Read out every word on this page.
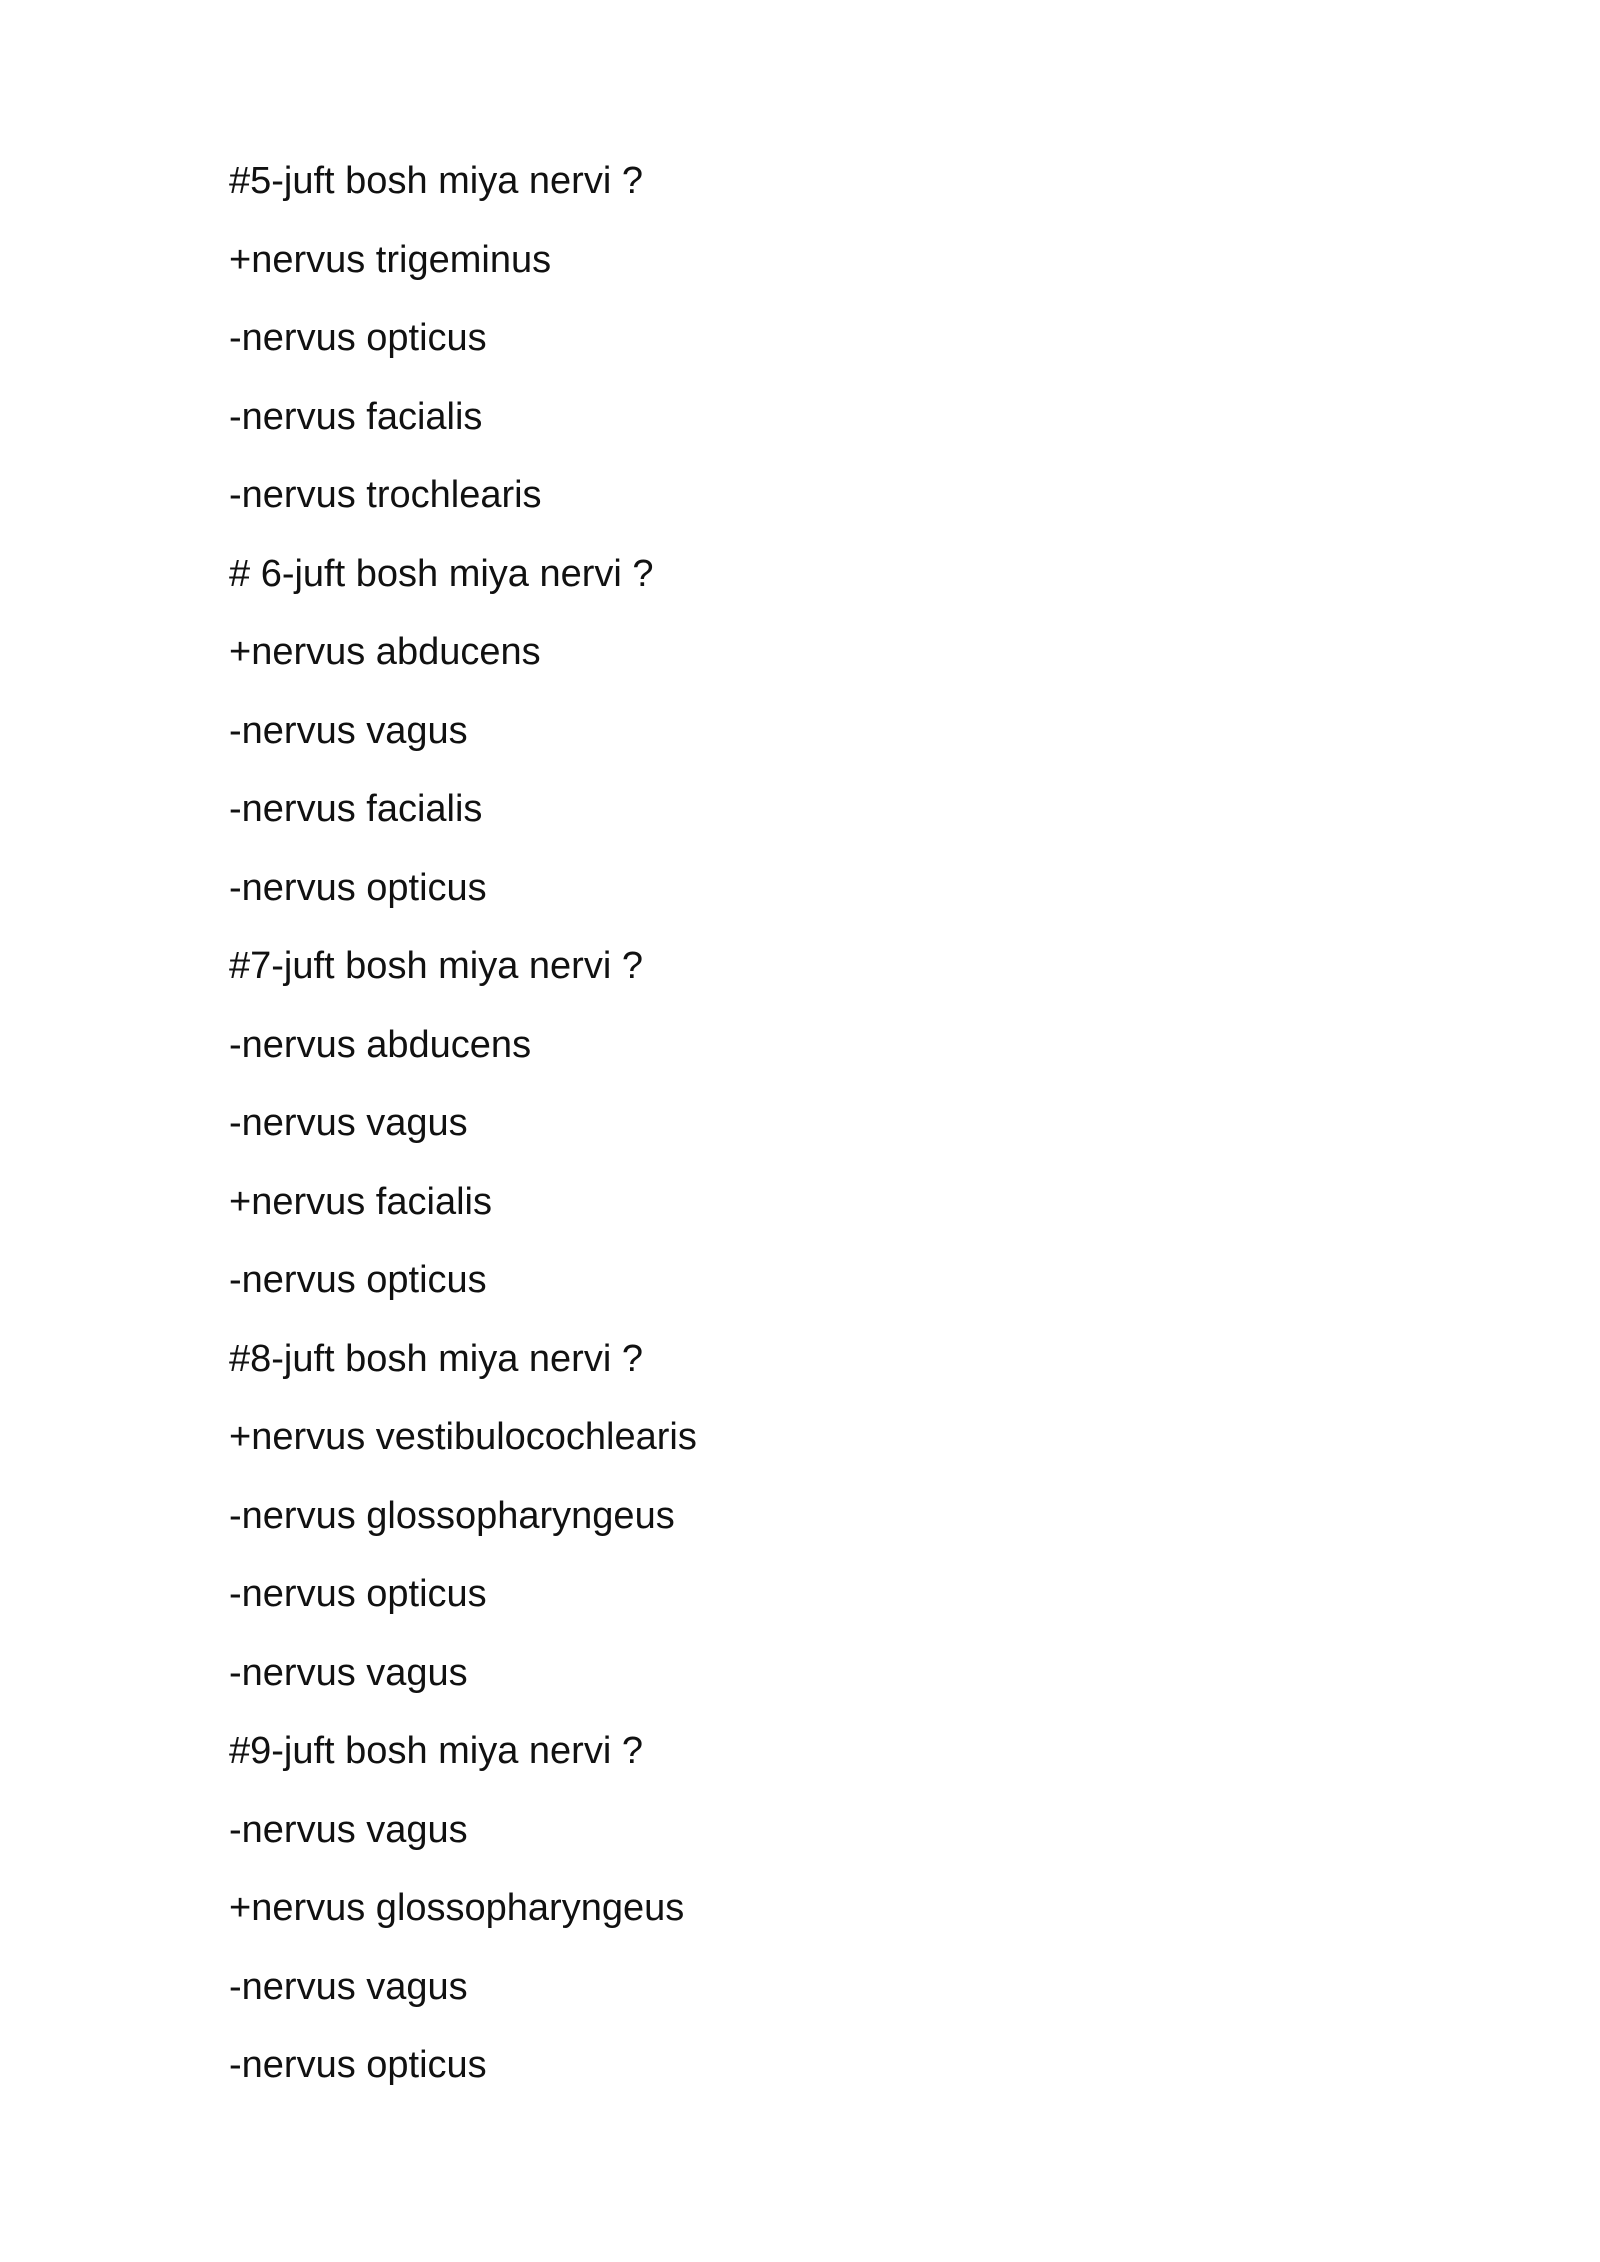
#5-juft bosh miya nervi ?
+nervus trigeminus
-nervus opticus
-nervus facialis
-nervus trochlearis
# 6-juft bosh miya nervi ?
+nervus abducens
-nervus vagus
-nervus facialis
-nervus opticus
#7-juft bosh miya nervi ?
-nervus abducens
-nervus vagus
+nervus facialis
-nervus opticus
#8-juft bosh miya nervi ?
+nervus vestibulocochlearis
-nervus glossopharyngeus
-nervus opticus
-nervus vagus
#9-juft bosh miya nervi ?
-nervus vagus
+nervus glossopharyngeus
-nervus vagus
-nervus opticus
